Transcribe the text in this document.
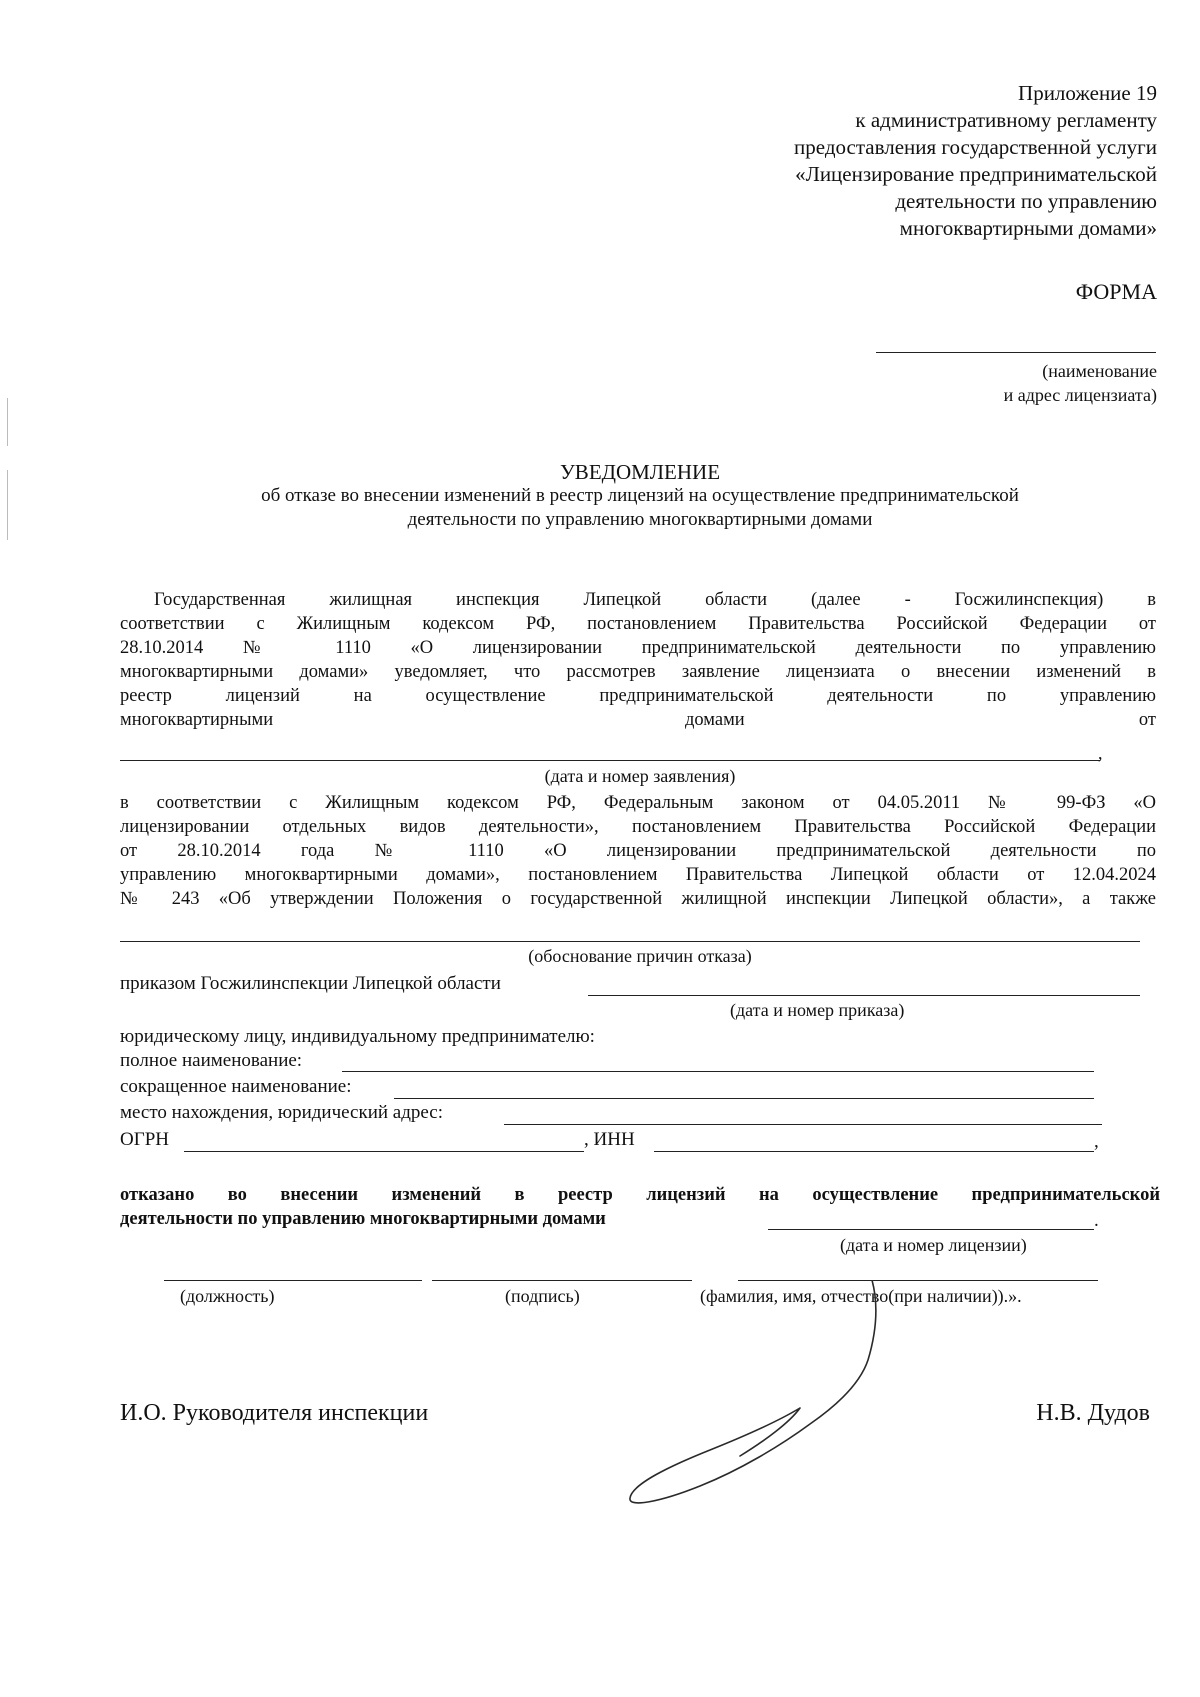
Приложение 19
к административному регламенту
предоставления государственной услуги
«Лицензирование предпринимательской
деятельности по управлению
многоквартирными домами»
ФОРМА
(наименование
и адрес лицензиата)
УВЕДОМЛЕНИЕ
об отказе во внесении изменений в реестр лицензий на осуществление предпринимательской
деятельности по управлению многоквартирными домами
Государственная жилищная инспекция Липецкой области (далее - Госжилинспекция) в
соответствии с Жилищным кодексом РФ, постановлением Правительства Российской Федерации от
28.10.2014 № 1110 «О лицензировании предпринимательской деятельности по управлению
многоквартирными домами» уведомляет, что рассмотрев заявление лицензиата о внесении изменений в
реестр лицензий на осуществление предпринимательской деятельности по управлению
многоквартирными	домами	от
,
(дата и номер заявления)
в соответствии с Жилищным кодексом РФ, Федеральным законом от 04.05.2011 № 99-ФЗ «О
лицензировании отдельных видов деятельности», постановлением Правительства Российской Федерации
от 28.10.2014 года № 1110 «О лицензировании предпринимательской деятельности по
управлению многоквартирными домами», постановлением Правительства Липецкой области от 12.04.2024
№ 243 «Об утверждении Положения о государственной жилищной инспекции Липецкой области», а также
(обоснование причин отказа)
приказом Госжилинспекции Липецкой области
(дата и номер приказа)
юридическому лицу, индивидуальному предпринимателю:
полное наименование:
сокращенное наименование:
место нахождения, юридический адрес:
ОГРН	, ИНН	,
отказано во внесении изменений в реестр лицензий на осуществление предпринимательской
деятельности по управлению многоквартирными домами	.
(дата и номер лицензии)
(должность)	(подпись)	(фамилия, имя, отчество(при наличии)).».
И.О. Руководителя инспекции	Н.В. Дудов
